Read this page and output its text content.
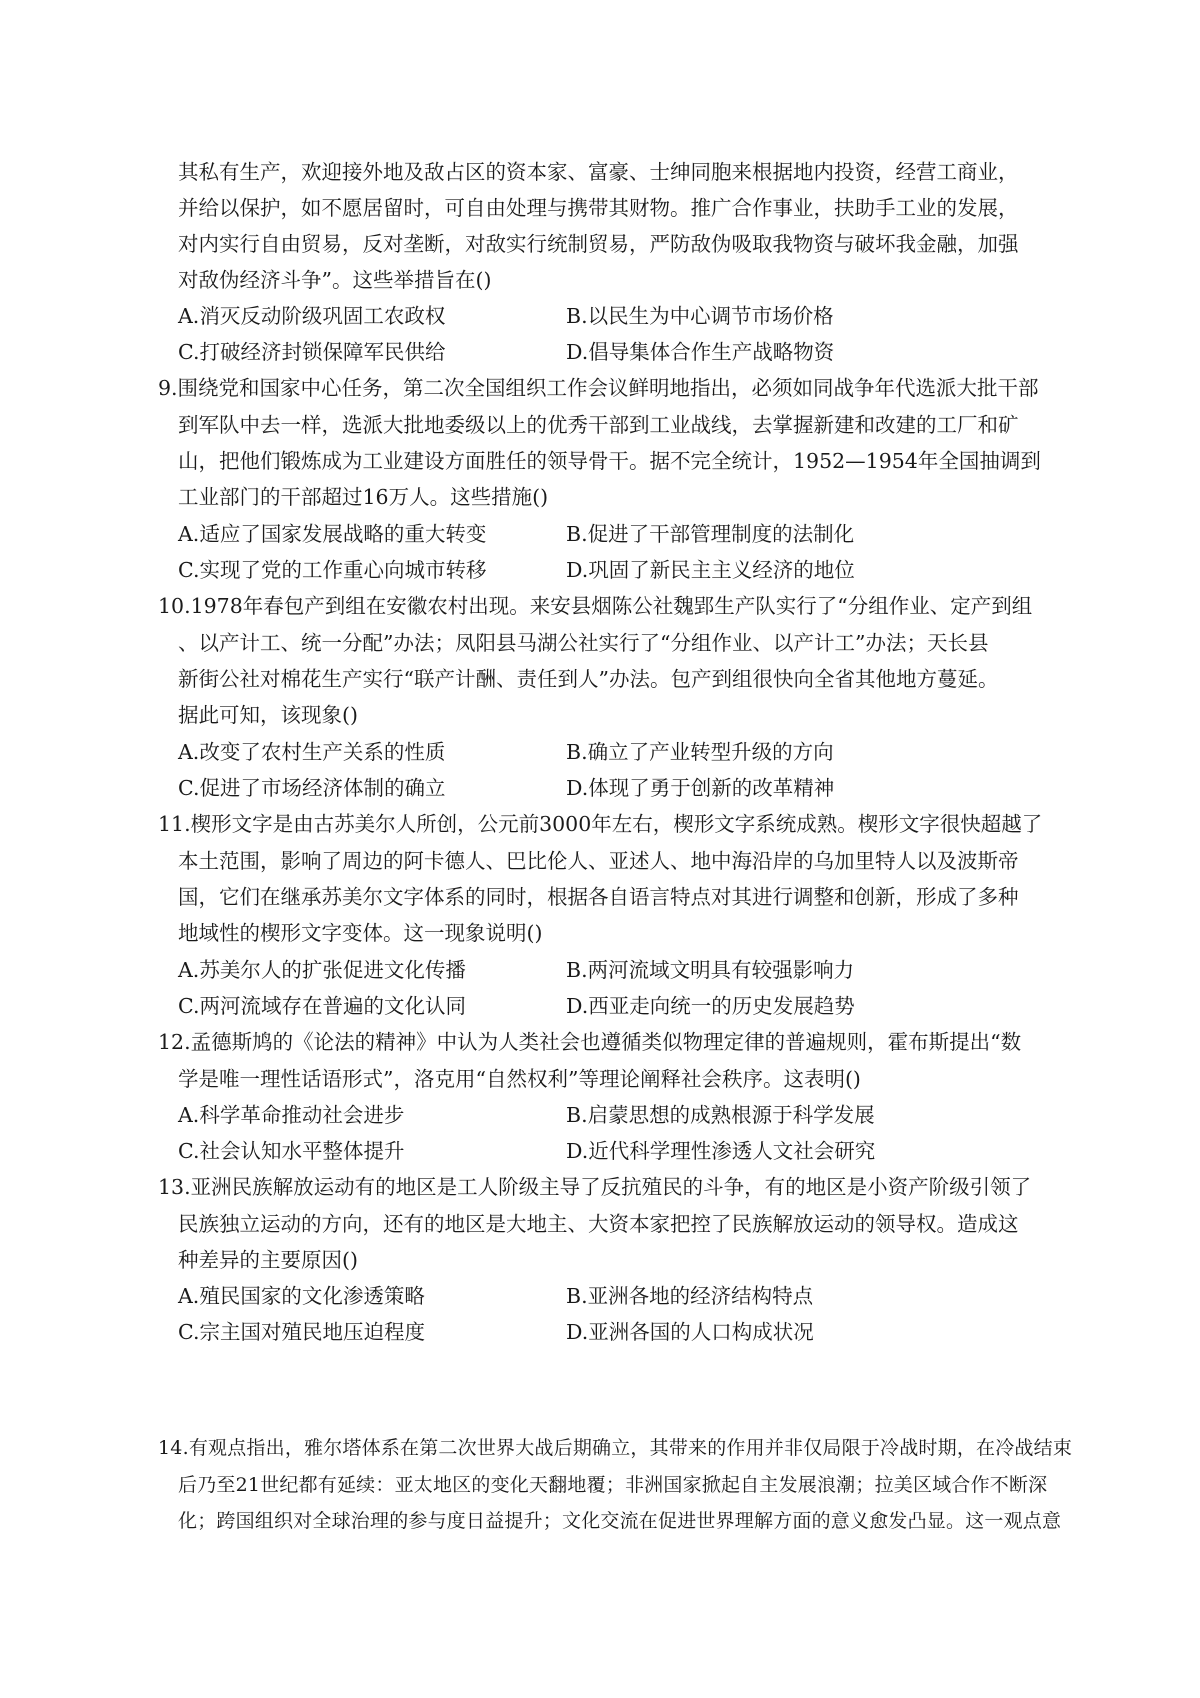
其私有生产，欢迎接外地及敌占区的资本家、富豪、士绅同胞来根据地内投资，经营工商业，
并给以保护，如不愿居留时，可自由处理与携带其财物。推广合作事业，扶助手工业的发展，
对内实行自由贸易，反对垄断，对敌实行统制贸易，严防敌伪吸取我物资与破坏我金融，加强
对敌伪经济斗争”。这些举措旨在()
A.消灭反动阶级巩固工农政权	B.以民生为中心调节市场价格
C.打破经济封锁保障军民供给	D.倡导集体合作生产战略物资
9.围绕党和国家中心任务，第二次全国组织工作会议鲜明地指出，必须如同战争年代选派大批干部
到军队中去一样，选派大批地委级以上的优秀干部到工业战线，去掌握新建和改建的工厂和矿
山，把他们锻炼成为工业建设方面胜任的领导骨干。据不完全统计，1952—1954年全国抽调到
工业部门的干部超过16万人。这些措施()
A.适应了国家发展战略的重大转变	B.促进了干部管理制度的法制化
C.实现了党的工作重心向城市转移	D.巩固了新民主主义经济的地位
10.1978年春包产到组在安徽农村出现。来安县烟陈公社魏郢生产队实行了“分组作业、定产到组
、以产计工、统一分配”办法；凤阳县马湖公社实行了“分组作业、以产计工”办法；天长县
新街公社对棉花生产实行“联产计酬、责任到人”办法。包产到组很快向全省其他地方蔓延。
据此可知，该现象()
A.改变了农村生产关系的性质	B.确立了产业转型升级的方向
C.促进了市场经济体制的确立	D.体现了勇于创新的改革精神
11.楔形文字是由古苏美尔人所创，公元前3000年左右，楔形文字系统成熟。楔形文字很快超越了
本土范围，影响了周边的阿卡德人、巴比伦人、亚述人、地中海沿岸的乌加里特人以及波斯帝
国，它们在继承苏美尔文字体系的同时，根据各自语言特点对其进行调整和创新，形成了多种
地域性的楔形文字变体。这一现象说明()
A.苏美尔人的扩张促进文化传播	B.两河流域文明具有较强影响力
C.两河流域存在普遍的文化认同	D.西亚走向统一的历史发展趋势
12.孟德斯鸠的《论法的精神》中认为人类社会也遵循类似物理定律的普遍规则，霍布斯提出“数
学是唯一理性话语形式”，洛克用“自然权利”等理论阐释社会秩序。这表明()
A.科学革命推动社会进步	B.启蒙思想的成熟根源于科学发展
C.社会认知水平整体提升	D.近代科学理性渗透人文社会研究
13.亚洲民族解放运动有的地区是工人阶级主导了反抗殖民的斗争，有的地区是小资产阶级引领了
民族独立运动的方向，还有的地区是大地主、大资本家把控了民族解放运动的领导权。造成这
种差异的主要原因()
A.殖民国家的文化渗透策略	B.亚洲各地的经济结构特点
C.宗主国对殖民地压迫程度	D.亚洲各国的人口构成状况
14.有观点指出，雅尔塔体系在第二次世界大战后期确立，其带来的作用并非仅局限于冷战时期，在冷战结束
后乃至21世纪都有延续：亚太地区的变化天翻地覆；非洲国家掀起自主发展浪潮；拉美区域合作不断深
化；跨国组织对全球治理的参与度日益提升；文化交流在促进世界理解方面的意义愈发凸显。这一观点意
